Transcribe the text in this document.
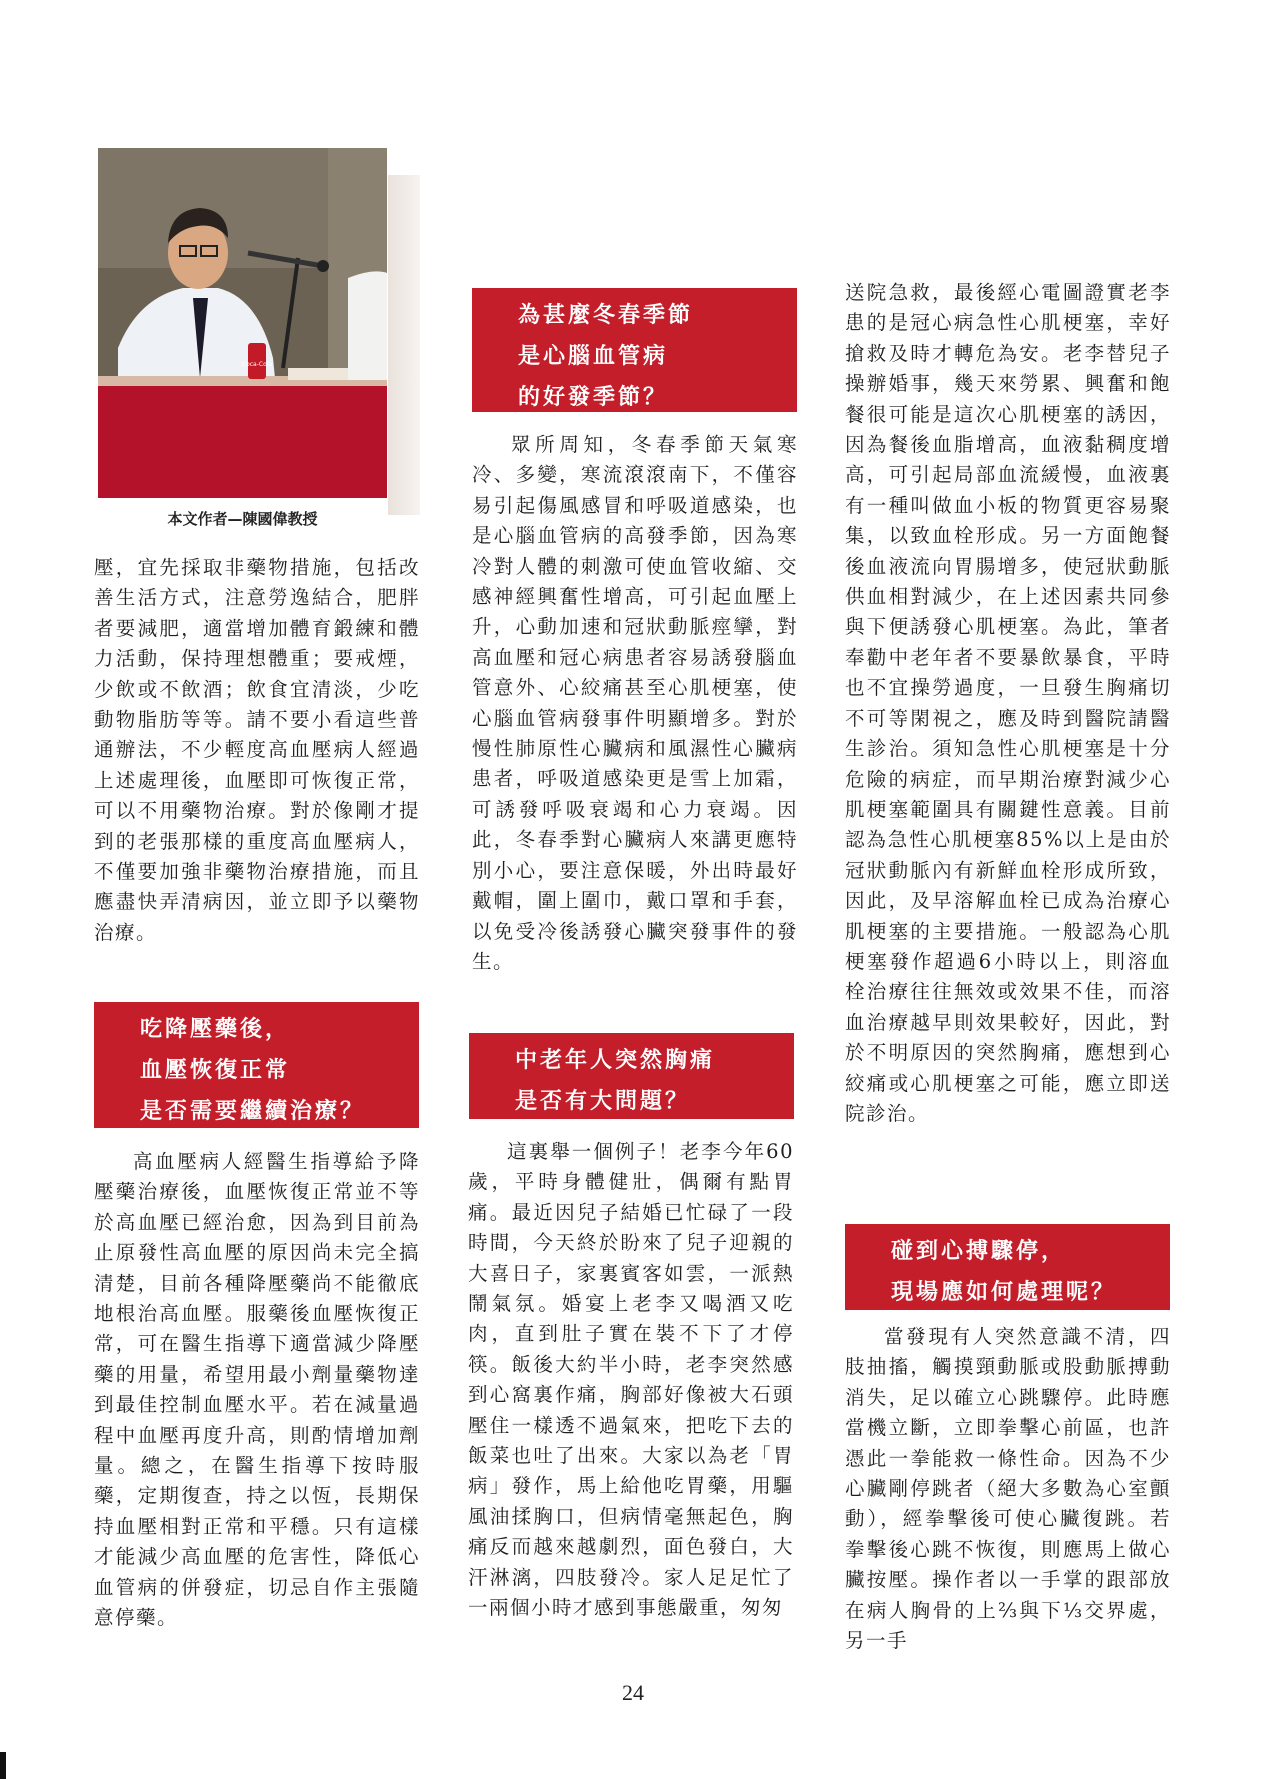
Coca-Cola
本文作者—陳國偉教授

壓，宜先採取非藥物措施，包括改善生活方式，注意勞逸結合，肥胖者要減肥，適當增加體育鍛練和體力活動，保持理想體重；要戒煙，少飲或不飲酒；飲食宜清淡，少吃動物脂肪等等。請不要小看這些普通辦法，不少輕度高血壓病人經過上述處理後，血壓即可恢復正常，可以不用藥物治療。對於像剛才提到的老張那樣的重度高血壓病人，不僅要加強非藥物治療措施，而且應盡快弄清病因，並立即予以藥物治療。

吃降壓藥後，
血壓恢復正常
是否需要繼續治療？

高血壓病人經醫生指導給予降壓藥治療後，血壓恢復正常並不等於高血壓已經治愈，因為到目前為止原發性高血壓的原因尚未完全搞清楚，目前各種降壓藥尚不能徹底地根治高血壓。服藥後血壓恢復正常，可在醫生指導下適當減少降壓藥的用量，希望用最小劑量藥物達到最佳控制血壓水平。若在減量過程中血壓再度升高，則酌情增加劑量。總之，在醫生指導下按時服藥，定期復查，持之以恆，長期保持血壓相對正常和平穩。只有這樣才能減少高血壓的危害性，降低心血管病的併發症，切忌自作主張隨意停藥。

為甚麼冬春季節
是心腦血管病
的好發季節？

眾所周知，冬春季節天氣寒冷、多變，寒流滾滾南下，不僅容易引起傷風感冒和呼吸道感染，也是心腦血管病的高發季節，因為寒冷對人體的刺激可使血管收縮、交感神經興奮性增高，可引起血壓上升，心動加速和冠狀動脈痙攣，對高血壓和冠心病患者容易誘發腦血管意外、心絞痛甚至心肌梗塞，使心腦血管病發事件明顯增多。對於慢性肺原性心臟病和風濕性心臟病患者，呼吸道感染更是雪上加霜，可誘發呼吸衰竭和心力衰竭。因此，冬春季對心臟病人來講更應特別小心，要注意保暖，外出時最好戴帽，圍上圍巾，戴口罩和手套，以免受冷後誘發心臟突發事件的發生。

中老年人突然胸痛
是否有大問題？

這裏舉一個例子！老李今年60歲，平時身體健壯，偶爾有點胃痛。最近因兒子結婚已忙碌了一段時間，今天終於盼來了兒子迎親的大喜日子，家裏賓客如雲，一派熱鬧氣氛。婚宴上老李又喝酒又吃肉，直到肚子實在裝不下了才停筷。飯後大約半小時，老李突然感到心窩裏作痛，胸部好像被大石頭壓住一樣透不過氣來，把吃下去的飯菜也吐了出來。大家以為老「胃病」發作，馬上給他吃胃藥，用驅風油揉胸口，但病情毫無起色，胸痛反而越來越劇烈，面色發白，大汗淋漓，四肢發冷。家人足足忙了一兩個小時才感到事態嚴重，匆匆

送院急救，最後經心電圖證實老李患的是冠心病急性心肌梗塞，幸好搶救及時才轉危為安。老李替兒子操辦婚事，幾天來勞累、興奮和飽餐很可能是這次心肌梗塞的誘因，因為餐後血脂增高，血液黏稠度增高，可引起局部血流緩慢，血液裏有一種叫做血小板的物質更容易聚集，以致血栓形成。另一方面飽餐後血液流向胃腸增多，使冠狀動脈供血相對減少，在上述因素共同參與下便誘發心肌梗塞。為此，筆者奉勸中老年者不要暴飲暴食，平時也不宜操勞過度，一旦發生胸痛切不可等閑視之，應及時到醫院請醫生診治。須知急性心肌梗塞是十分危險的病症，而早期治療對減少心肌梗塞範圍具有關鍵性意義。目前認為急性心肌梗塞85%以上是由於冠狀動脈內有新鮮血栓形成所致，因此，及早溶解血栓已成為治療心肌梗塞的主要措施。一般認為心肌梗塞發作超過6小時以上，則溶血栓治療往往無效或效果不佳，而溶血治療越早則效果較好，因此，對於不明原因的突然胸痛，應想到心絞痛或心肌梗塞之可能，應立即送院診治。

碰到心搏驟停，
現場應如何處理呢？

當發現有人突然意識不清，四肢抽搐，觸摸頸動脈或股動脈搏動消失，足以確立心跳驟停。此時應當機立斷，立即拳擊心前區，也許憑此一拳能救一條性命。因為不少心臟剛停跳者（絕大多數為心室顫動），經拳擊後可使心臟復跳。若拳擊後心跳不恢復，則應馬上做心臟按壓。操作者以一手掌的跟部放在病人胸骨的上⅔與下⅓交界處，另一手

24
